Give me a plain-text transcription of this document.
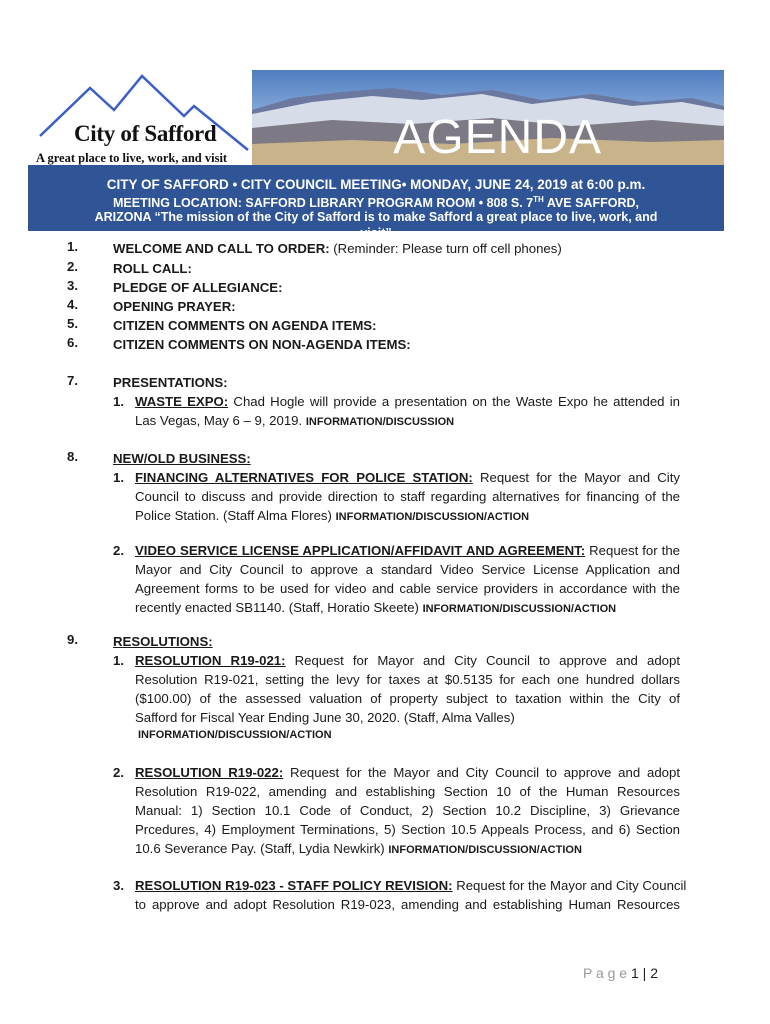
City of Safford
A great place to live, work, and visit	AGENDA
CITY OF SAFFORD • CITY COUNCIL MEETING• MONDAY, JUNE 24, 2019 at 6:00 p.m.
MEETING LOCATION: SAFFORD LIBRARY PROGRAM ROOM • 808 S. 7TH AVE SAFFORD,
ARIZONA “The mission of the City of Safford is to make Safford a great place to live, work, and
visit”
1.	WELCOME AND CALL TO ORDER: (Reminder: Please turn off cell phones)
2.	ROLL CALL:
3.	PLEDGE OF ALLEGIANCE:
4.	OPENING PRAYER:
5.	CITIZEN COMMENTS ON AGENDA ITEMS:
6.	CITIZEN COMMENTS ON NON-AGENDA ITEMS:
7.	PRESENTATIONS:
1. WASTE EXPO: Chad Hogle will provide a presentation on the Waste Expo he attended in
Las Vegas, May 6 – 9, 2019. INFORMATION/DISCUSSION
8.	NEW/OLD BUSINESS:
1. FINANCING ALTERNATIVES FOR POLICE STATION: Request for the Mayor and City
Council to discuss and provide direction to staff regarding alternatives for financing of the
Police Station. (Staff Alma Flores) INFORMATION/DISCUSSION/ACTION
2. VIDEO SERVICE LICENSE APPLICATION/AFFIDAVIT AND AGREEMENT: Request for the
Mayor and City Council to approve a standard Video Service License Application and
Agreement forms to be used for video and cable service providers in accordance with the
recently enacted SB1140. (Staff, Horatio Skeete) INFORMATION/DISCUSSION/ACTION
9.	RESOLUTIONS:
1. RESOLUTION R19-021: Request for Mayor and City Council to approve and adopt
Resolution R19-021, setting the levy for taxes at $0.5135 for each one hundred dollars
($100.00) of the assessed valuation of property subject to taxation within the City of
Safford for Fiscal Year Ending June 30, 2020. (Staff, Alma Valles)
INFORMATION/DISCUSSION/ACTION
2. RESOLUTION R19-022: Request for the Mayor and City Council to approve and adopt
Resolution R19-022, amending and establishing Section 10 of the Human Resources
Manual: 1) Section 10.1 Code of Conduct, 2) Section 10.2 Discipline, 3) Grievance
Prcedures, 4) Employment Terminations, 5) Section 10.5 Appeals Process, and 6) Section
10.6 Severance Pay. (Staff, Lydia Newkirk) INFORMATION/DISCUSSION/ACTION
3. RESOLUTION R19-023 - STAFF POLICY REVISION: Request for the Mayor and City Council
to approve and adopt Resolution R19-023, amending and establishing Human Resources
P a g e 1 | 2
